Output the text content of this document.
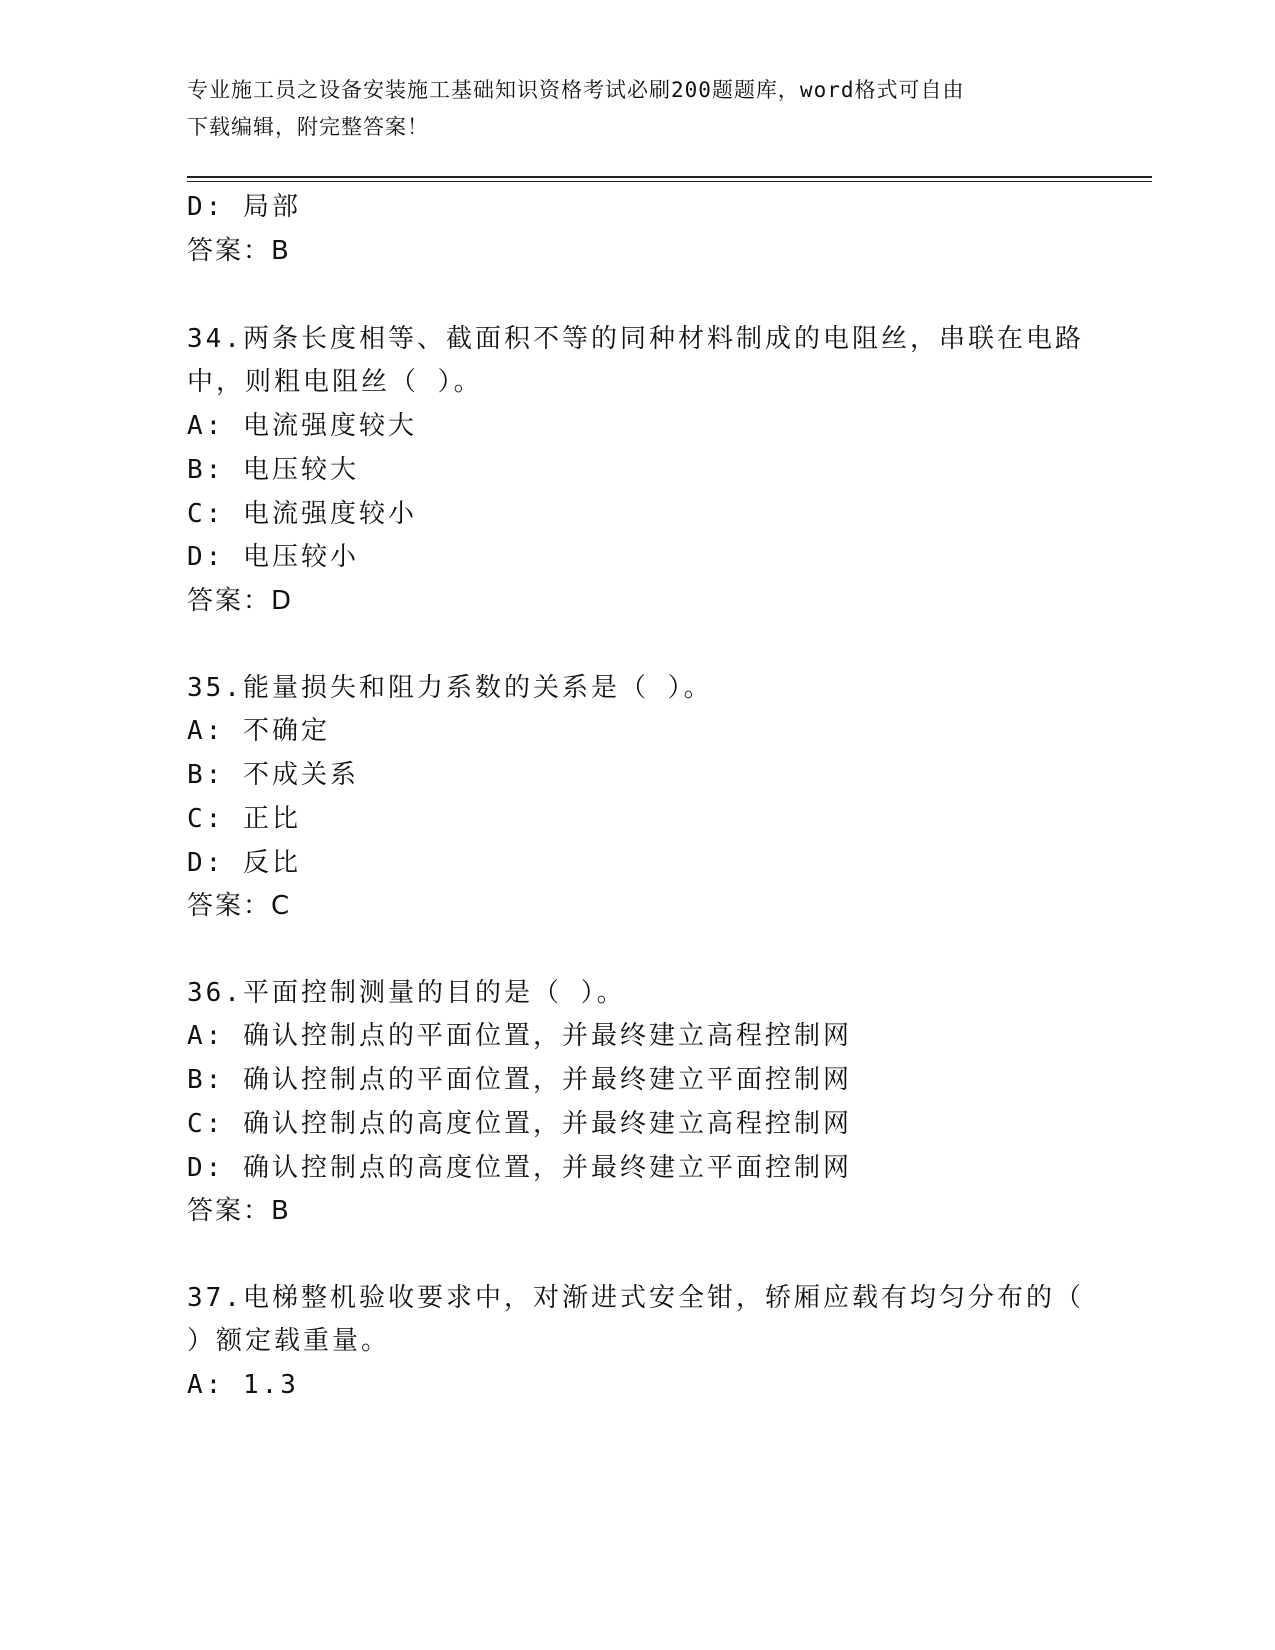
专业施工员之设备安装施工基础知识资格考试必刷200题题库，word格式可自由
下载编辑，附完整答案！
D: 局部
答案：B
34.两条长度相等、截面积不等的同种材料制成的电阻丝，串联在电路
中，则粗电阻丝（ ）。
A: 电流强度较大
B: 电压较大
C: 电流强度较小
D: 电压较小
答案：D
35.能量损失和阻力系数的关系是（ ）。
A: 不确定
B: 不成关系
C: 正比
D: 反比
答案：C
36.平面控制测量的目的是（ ）。
A: 确认控制点的平面位置，并最终建立高程控制网
B: 确认控制点的平面位置，并最终建立平面控制网
C: 确认控制点的高度位置，并最终建立高程控制网
D: 确认控制点的高度位置，并最终建立平面控制网
答案：B
37.电梯整机验收要求中，对渐进式安全钳，轿厢应载有均匀分布的（
）额定载重量。
A: 1.3
